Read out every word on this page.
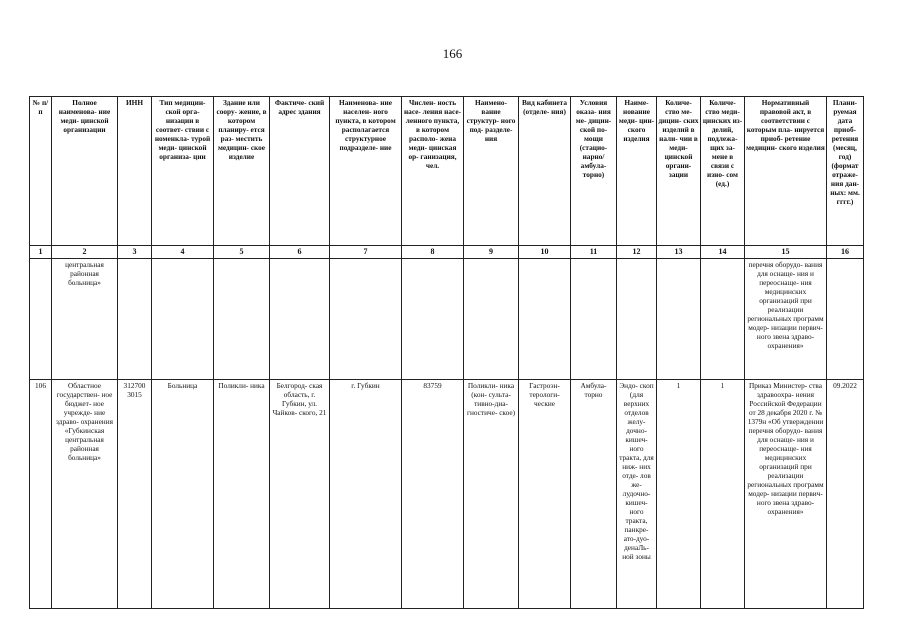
166
№ п/п	Полное наименова- ние меди- цинской организации	ИНН	Тип медицин- ской орга- низации в соответ- ствии с номенкла- турой меди- цинской организа- ции	Здание или соору- жение, в котором планиру- ется раз- местить медицин- ское изделие	Фактиче- ский адрес здания	Наименова- ние населен- ного пункта, в котором располагается структурное подразделе- ние	Числен- ность насе- ления насе- ленного пункта, в котором располо- жена меди- цинская ор- ганизация, чел.	Наимено- вание структур- ного под- разделе- ния	Вид кабинета (отделе- ния)	Условия оказа- ния ме- дицин- ской по- мощи (стацио- нарно/ амбула- торно)	Наиме- нование меди- цин- ского изделия	Количе- ство ме- дицин- ских изделий в нали- чии в меди- цинской органи- зации	Количе- ство меди- цинских из- делий, подлежа- щих за- мене в связи с изно- сом (ед.)	Нормативный правовой акт, в соответствии с которым пла- нируется приоб- ретение медицин- ского изделия	Плани- руемая дата приоб- ретения (месяц, год) (формат отраже- ния дан- ных: мм. гггг.)
1	2	3	4	5	6	7	8	9	10	11	12	13	14	15	16
	центральная районная больница»													перечня оборудо- вания для оснаще- ния и переоснаще- ния медицинских организаций при реализации региональных программ модер- низации первич- ного звена здраво- охранения»	
106	Областное государствен- ное бюджет- ное учрежде- ние здраво- охранения «Губкинская центральная районная больница»	312700 3015	Больница	Поликли- ника	Белгород- ская область, г. Губкин, ул. Чайков- ского, 21	г. Губкин	83759	Поликли- ника (кон- сульта- тивно-диа- гностиче- ское)	Гастроэн- терологи- ческие	Амбула- торно	Эндо- скоп (для верхних отделов желу- дочно- кишеч- ного тракта, для ниж- них отде- лов же- лудочно- кишеч- ного тракта, панкре- ато-дуо- денаЛь- ной зоны	1	1	Приказ Министер- ства здравоохра- нения Российской Федерации от 28 декабря 2020 г. № 1379н «Об утверждении перечня оборудо- вания для оснаще- ния и переоснаще- ния медицинских организаций при реализации региональных программ модер- низации первич- ного звена здраво- охранения»	09.2022
